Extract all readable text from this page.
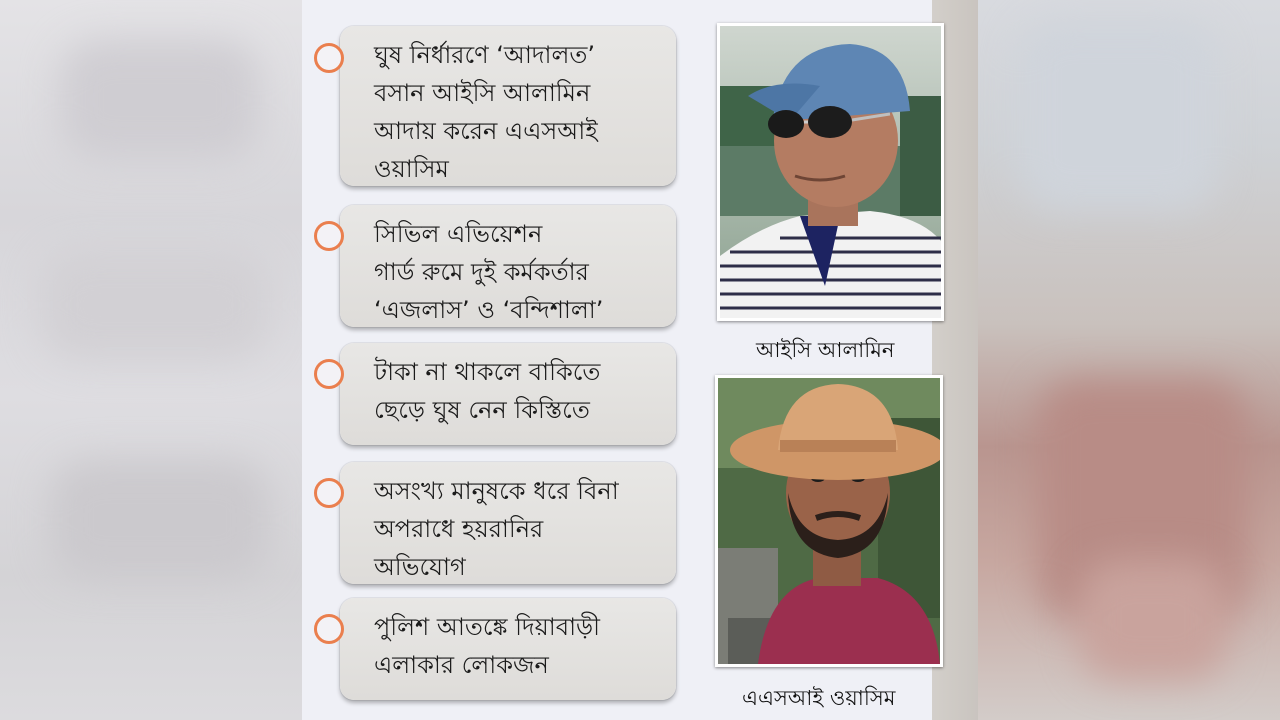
ঘুষ নির্ধারণে ‘আদালত’
বসান আইসি আলামিন
আদায় করেন এএসআই
ওয়াসিম
সিভিল এভিয়েশন
গার্ড রুমে দুই কর্মকর্তার
‘এজলাস’ ও ‘বন্দিশালা’
টাকা না থাকলে বাকিতে
ছেড়ে ঘুষ নেন কিস্তিতে
অসংখ্য মানুষকে ধরে বিনা
অপরাধে হয়রানির
অভিযোগ
পুলিশ আতঙ্কে দিয়াবাড়ী
এলাকার লোকজন
আইসি আলামিন
এএসআই ওয়াসিম
